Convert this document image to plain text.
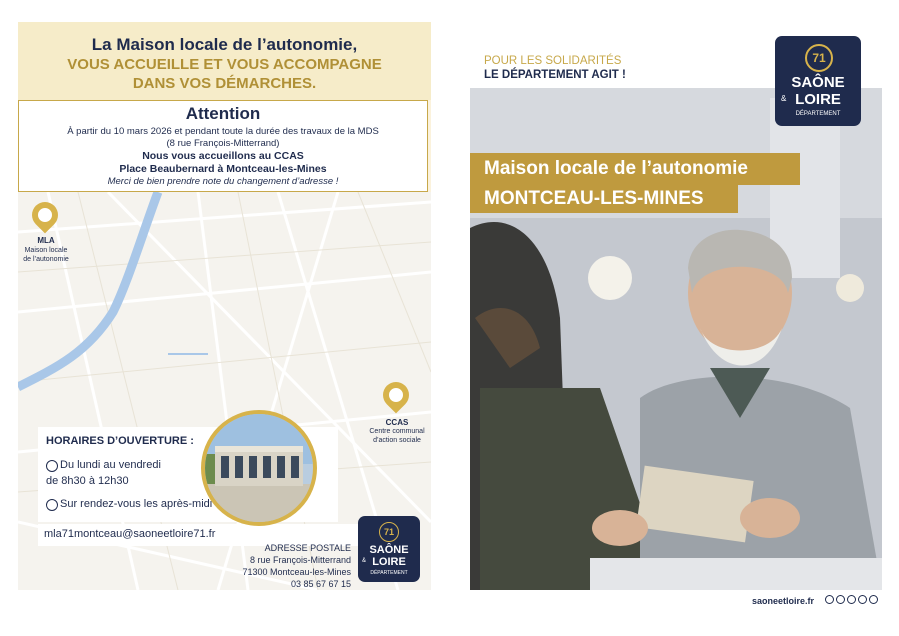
MLA
Maison locale
de l’autonomie
CCAS
Centre communal
d’action sociale
La Maison locale de l’autonomie,
VOUS ACCUEILLE ET VOUS ACCOMPAGNE
DANS VOS DÉMARCHES.
Attention
À partir du 10 mars 2026 et pendant toute la durée des travaux de la MDS
(8 rue François-Mitterrand)
Nous vous accueillons au CCAS
Place Beaubernard à Montceau-les-Mines
Merci de bien prendre note du changement d’adresse !
HORAIRES D’OUVERTURE :
Du lundi au vendredi
de 8h30 à 12h30
Sur rendez-vous les après-midi
mla71montceau@saoneetloire71.fr
ADRESSE POSTALE
8 rue François-Mitterrand
71300 Montceau-les-Mines
03 85 67 67 15
71
SAÔNE
& LOIRE
DÉPARTEMENT
POUR LES SOLIDARITÉS
LE DÉPARTEMENT AGIT !
71
SAÔNE
& LOIRE
DÉPARTEMENT
Maison locale de l’autonomie
MONTCEAU-LES-MINES
saoneetloire.fr
